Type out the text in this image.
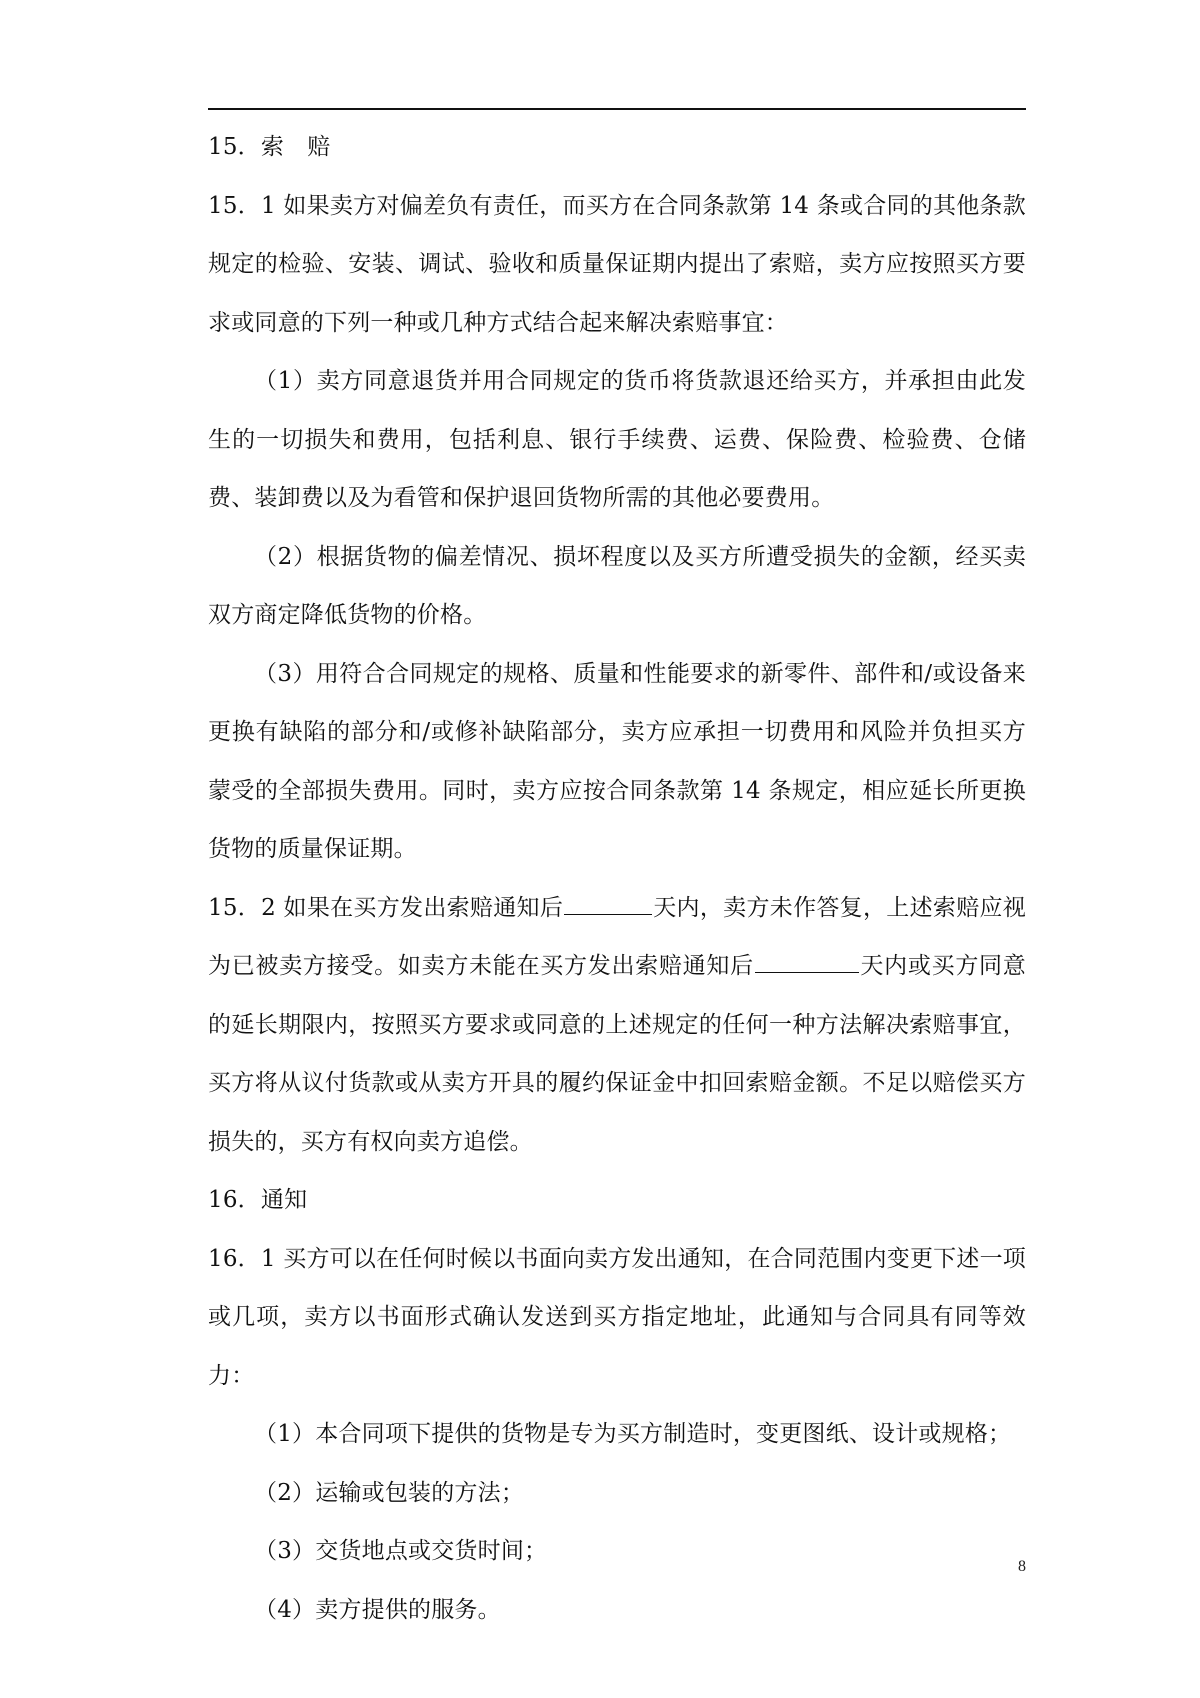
15．索　赔

15．1 如果卖方对偏差负有责任，而买方在合同条款第 14 条或合同的其他条款规定的检验、安装、调试、验收和质量保证期内提出了索赔，卖方应按照买方要求或同意的下列一种或几种方式结合起来解决索赔事宜：

（1）卖方同意退货并用合同规定的货币将货款退还给买方，并承担由此发生的一切损失和费用，包括利息、银行手续费、运费、保险费、检验费、仓储费、装卸费以及为看管和保护退回货物所需的其他必要费用。

（2）根据货物的偏差情况、损坏程度以及买方所遭受损失的金额，经买卖双方商定降低货物的价格。

（3）用符合合同规定的规格、质量和性能要求的新零件、部件和/或设备来更换有缺陷的部分和/或修补缺陷部分，卖方应承担一切费用和风险并负担买方蒙受的全部损失费用。同时，卖方应按合同条款第 14 条规定，相应延长所更换货物的质量保证期。

15．2 如果在买方发出索赔通知后	天内，卖方未作答复，上述索赔应视为已被卖方接受。如卖方未能在买方发出索赔通知后	天内或买方同意的延长期限内，按照买方要求或同意的上述规定的任何一种方法解决索赔事宜，买方将从议付货款或从卖方开具的履约保证金中扣回索赔金额。不足以赔偿买方损失的，买方有权向卖方追偿。

16．通知

16．1 买方可以在任何时候以书面向卖方发出通知，在合同范围内变更下述一项或几项，卖方以书面形式确认发送到买方指定地址，此通知与合同具有同等效力：

（1）本合同项下提供的货物是专为买方制造时，变更图纸、设计或规格；

（2）运输或包装的方法；

（3）交货地点或交货时间；

（4）卖方提供的服务。

8
